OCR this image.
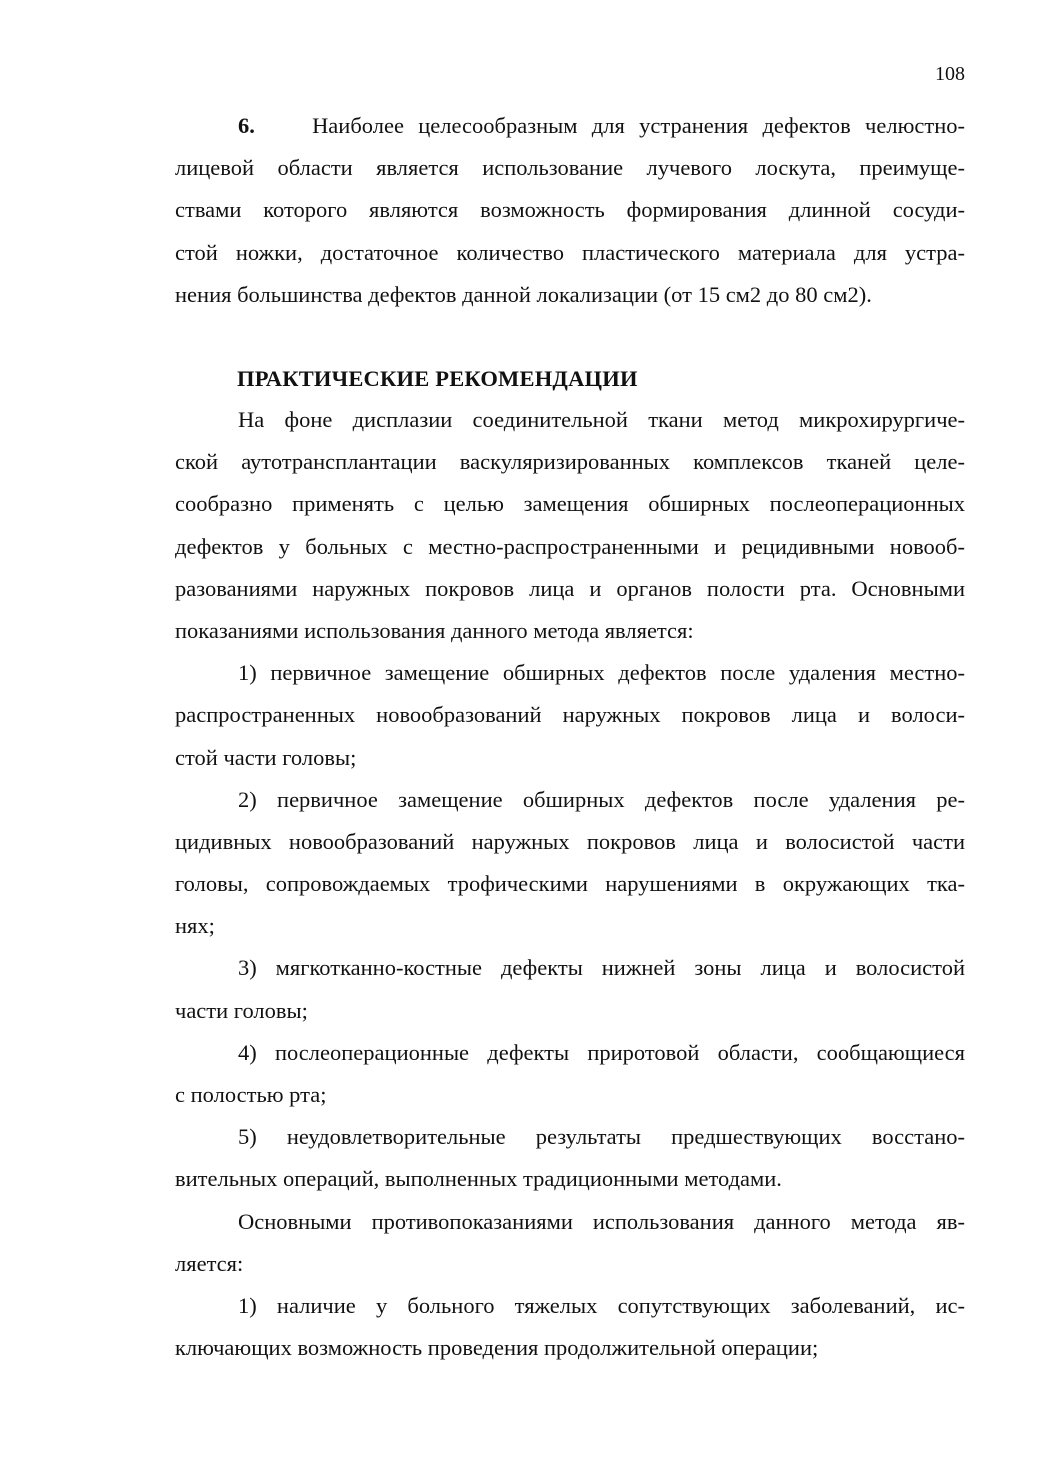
108
6.	Наиболее целесообразным для устранения дефектов челюстно-
лицевой области является использование лучевого лоскута, преимуще-
ствами которого являются возможность формирования длинной сосуди-
стой ножки, достаточное количество пластического материала для устра-
нения большинства дефектов данной локализации (от 15 см2 до 80 см2).
ПРАКТИЧЕСКИЕ РЕКОМЕНДАЦИИ
На фоне дисплазии соединительной ткани метод микрохирургиче-
ской аутотрансплантации васкуляризированных комплексов тканей целе-
сообразно применять с целью замещения обширных послеоперационных
дефектов у больных с местно-распространенными и рецидивными новооб-
разованиями наружных покровов лица и органов полости рта. Основными
показаниями использования данного метода является:
1) первичное замещение обширных дефектов после удаления местно-
распространенных новообразований наружных покровов лица и волоси-
стой части головы;
2) первичное замещение обширных дефектов после удаления ре-
цидивных новообразований наружных покровов лица и волосистой части
головы, сопровождаемых трофическими нарушениями в окружающих тка-
нях;
3) мягкотканно-костные дефекты нижней зоны лица и волосистой
части головы;
4) послеоперационные дефекты приротовой области, сообщающиеся
с полостью рта;
5) неудовлетворительные результаты предшествующих восстано-
вительных операций, выполненных традиционными методами.
Основными противопоказаниями использования данного метода яв-
ляется:
1) наличие у больного тяжелых сопутствующих заболеваний, ис-
ключающих возможность проведения продолжительной операции;
